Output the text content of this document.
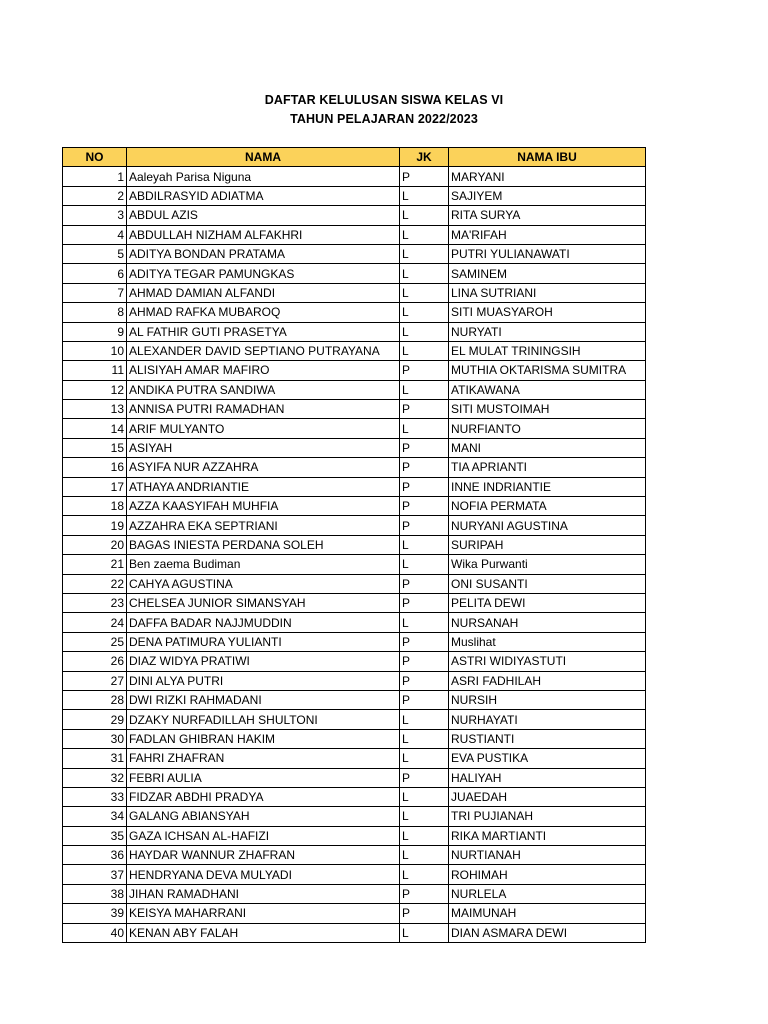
DAFTAR KELULUSAN SISWA KELAS VI
TAHUN PELAJARAN 2022/2023
NO	NAMA	JK	NAMA IBU
1	Aaleyah Parisa Niguna	P	MARYANI
2	ABDILRASYID ADIATMA	L	SAJIYEM
3	ABDUL AZIS	L	RITA SURYA
4	ABDULLAH NIZHAM ALFAKHRI	L	MA'RIFAH
5	ADITYA BONDAN PRATAMA	L	PUTRI YULIANAWATI
6	ADITYA TEGAR PAMUNGKAS	L	SAMINEM
7	AHMAD DAMIAN ALFANDI	L	LINA SUTRIANI
8	AHMAD RAFKA MUBAROQ	L	SITI MUASYAROH
9	AL FATHIR GUTI PRASETYA	L	NURYATI
10	ALEXANDER DAVID SEPTIANO PUTRAYANA	L	EL MULAT TRININGSIH
11	ALISIYAH AMAR MAFIRO	P	MUTHIA OKTARISMA SUMITRA
12	ANDIKA PUTRA SANDIWA	L	ATIKAWANA
13	ANNISA PUTRI RAMADHAN	P	SITI MUSTOIMAH
14	ARIF MULYANTO	L	NURFIANTO
15	ASIYAH	P	MANI
16	ASYIFA NUR AZZAHRA	P	TIA APRIANTI
17	ATHAYA ANDRIANTIE	P	INNE INDRIANTIE
18	AZZA KAASYIFAH MUHFIA	P	NOFIA PERMATA
19	AZZAHRA EKA SEPTRIANI	P	NURYANI AGUSTINA
20	BAGAS INIESTA PERDANA SOLEH	L	SURIPAH
21	Ben zaema Budiman	L	Wika Purwanti
22	CAHYA AGUSTINA	P	ONI SUSANTI
23	CHELSEA JUNIOR SIMANSYAH	P	PELITA DEWI
24	DAFFA BADAR NAJJMUDDIN	L	NURSANAH
25	DENA PATIMURA YULIANTI	P	Muslihat
26	DIAZ WIDYA PRATIWI	P	ASTRI WIDIYASTUTI
27	DINI ALYA PUTRI	P	ASRI FADHILAH
28	DWI RIZKI RAHMADANI	P	NURSIH
29	DZAKY NURFADILLAH SHULTONI	L	NURHAYATI
30	FADLAN GHIBRAN HAKIM	L	RUSTIANTI
31	FAHRI ZHAFRAN	L	EVA PUSTIKA
32	FEBRI AULIA	P	HALIYAH
33	FIDZAR ABDHI PRADYA	L	JUAEDAH
34	GALANG ABIANSYAH	L	TRI PUJIANAH
35	GAZA ICHSAN AL-HAFIZI	L	RIKA MARTIANTI
36	HAYDAR WANNUR ZHAFRAN	L	NURTIANAH
37	HENDRYANA DEVA MULYADI	L	ROHIMAH
38	JIHAN RAMADHANI	P	NURLELA
39	KEISYA MAHARRANI	P	MAIMUNAH
40	KENAN ABY FALAH	L	DIAN ASMARA DEWI
